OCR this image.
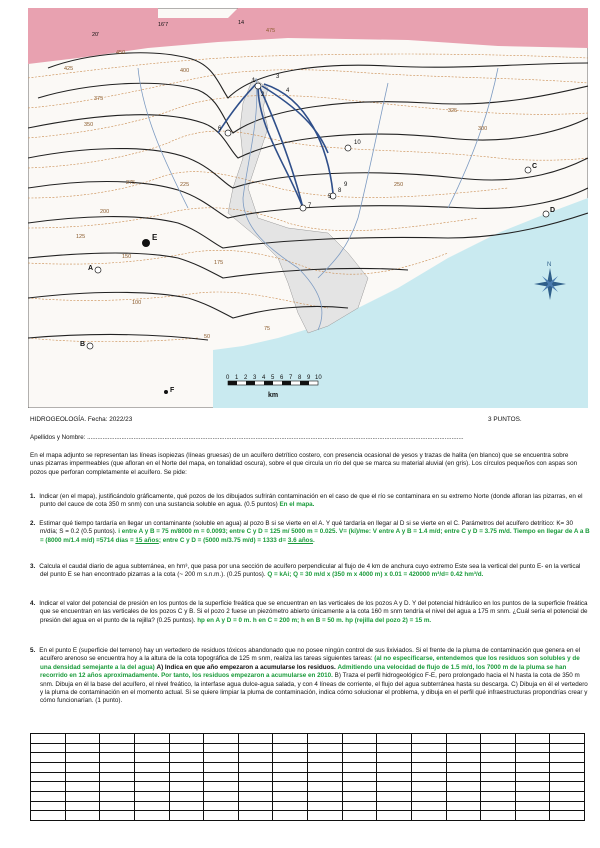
1
2
3
4
5
6
7
8
9
10
A
B
C
D
E
F
16'7
20'
14
475
450
425	400
375
350
325
300
275	250
225
200
175
150
125
100
75
50
0 1 2 3 4 5 6 7 8 9 10
km
N
HIDROGEOLOGÍA. Fecha: 2022/23	3 PUNTOS.
Apellidos y Nombre: ...........................................................................................................................................................................................................................
En el mapa adjunto se representan las líneas isopiezas (líneas gruesas) de un acuífero detrítico costero, con presencia ocasional de yesos y trazas de halita (en blanco) que se encuentra sobre unas pizarras impermeables (que afloran en el Norte del mapa, en tonalidad oscura), sobre el que circula un río del que se marca su material aluvial (en gris). Los círculos pequeños con aspas son pozos que perforan completamente el acuífero. Se pide:
1. Indicar (en el mapa), justificándolo gráficamente, qué pozos de los dibujados sufrirán contaminación en el caso de que el río se contaminara en su extremo Norte (donde afloran las pizarras, en el punto del cauce de cota 350 m snm) con una sustancia soluble en agua. (0.5 puntos) En el mapa.
2. Estimar qué tiempo tardaría en llegar un contaminante (soluble en agua) al pozo B si se vierte en el A. Y qué tardaría en llegar al D si se vierte en el C. Parámetros del acuífero detrítico: K= 30 m/día; S = 0.2 (0.5 puntos). i entre A y B = 75 m/8000 m = 0.0093; entre C y D = 125 m/ 5000 m = 0.025. V= (ki)/me: V entre A y B = 1.4 m/d; entre C y D = 3.75 m/d. Tiempo en llegar de A a B = (8000 m/1.4 m/d) =5714 días = 15 años; entre C y D = (5000 m/3.75 m/d) = 1333 d= 3.6 años.
3. Calcula el caudal diario de agua subterránea, en hm³, que pasa por una sección de acuífero perpendicular al flujo de 4 km de anchura cuyo extremo Este sea la vertical del punto E- en la vertical del punto E se han encontrado pizarras a la cota (~ 200 m s.n.m.). (0.25 puntos). Q = kAi; Q = 30 m/d x (350 m x 4000 m) x 0.01 = 420000 m³/d= 0.42 hm³/d.
4. Indicar el valor del potencial de presión en los puntos de la superficie freática que se encuentran en las verticales de los pozos A y D. Y del potencial hidráulico en los puntos de la superficie freática que se encuentran en las verticales de los pozos C y B. Si el pozo 2 fuese un piezómetro abierto únicamente a la cota 160 m snm tendría el nivel del agua a 175 m snm. ¿Cuál sería el potencial de presión del agua en el punto de la rejilla? (0.25 puntos). hp en A y D = 0 m. h en C = 200 m; h en B = 50 m. hp (rejilla del pozo 2) = 15 m.
5. En el punto E (superficie del terreno) hay un vertedero de residuos tóxicos abandonado que no posee ningún control de sus lixiviados. Si el frente de la pluma de contaminación que genera en el acuífero arenoso se encuentra hoy a la altura de la cota topográfica de 125 m snm, realiza las tareas siguientes tareas: (al no especificarse, entendemos que los residuos son solubles y de una densidad semejante a la del agua) A) Indica en que año empezaron a acumularse los residuos. Admitiendo una velocidad de flujo de 1.5 m/d, los 7000 m de la pluma se han recorrido en 12 años aproximadamente. Por tanto, los residuos empezaron a acumularse en 2010. B) Traza el perfil hidrogeológico F-E, pero prolongado hacia el N hasta la cota de 350 m snm. Dibuja en él la base del acuífero, el nivel freático, la interfase agua dulce-agua salada, y con 4 líneas de corriente, el flujo del agua subterránea hasta su descarga. C) Dibuja en él el vertedero y la pluma de contaminación en el momento actual. Si se quiere limpiar la pluma de contaminación, indica cómo solucionar el problema, y dibuja en el perfil qué infraestructuras propondrías crear y cómo funcionarían. (1 punto).
